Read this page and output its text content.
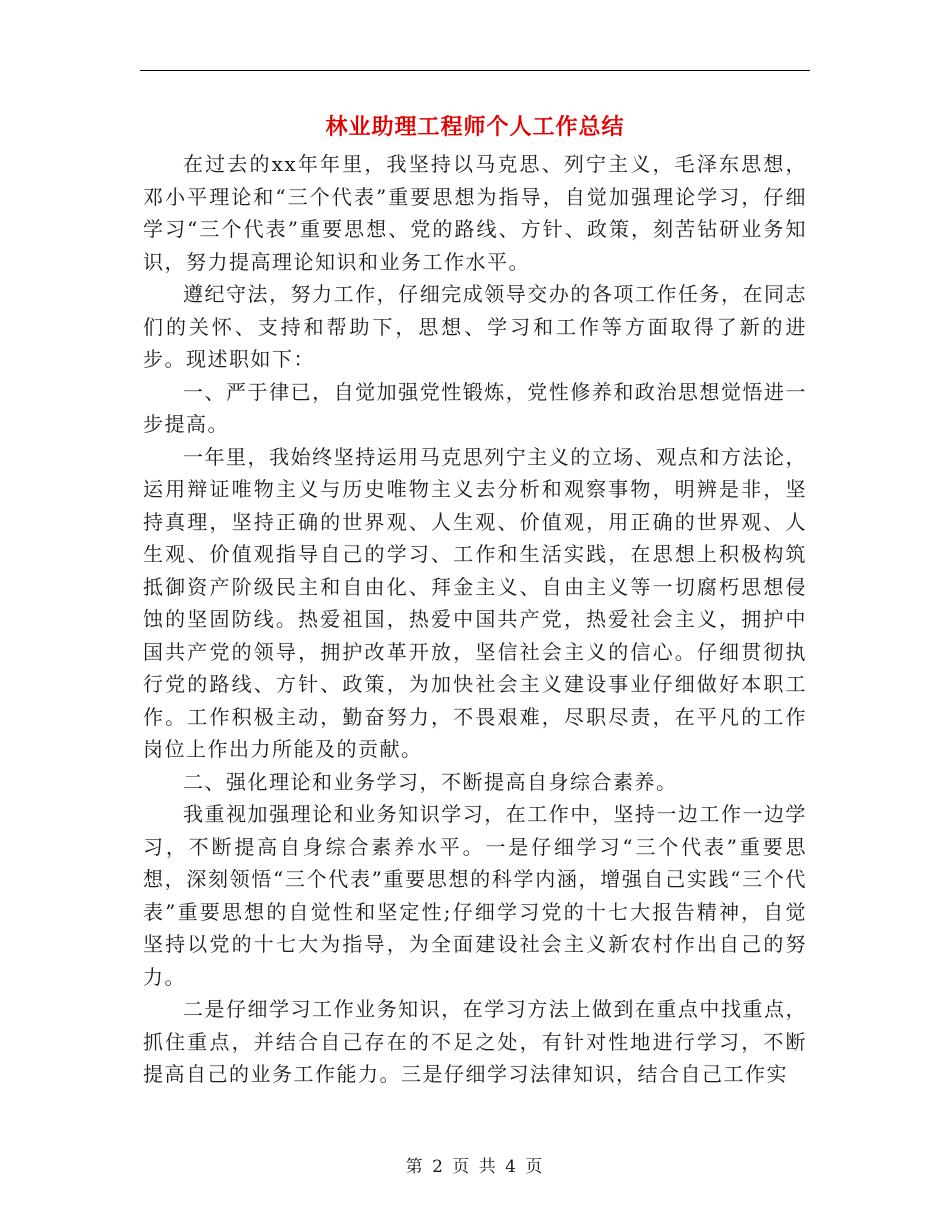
林业助理工程师个人工作总结

在过去的xx年年里，我坚持以马克思、列宁主义，毛泽东思想，邓小平理论和“三个代表”重要思想为指导，自觉加强理论学习，仔细学习“三个代表”重要思想、党的路线、方针、政策，刻苦钻研业务知识，努力提高理论知识和业务工作水平。

遵纪守法，努力工作，仔细完成领导交办的各项工作任务，在同志们的关怀、支持和帮助下，思想、学习和工作等方面取得了新的进步。现述职如下：

一、严于律已，自觉加强党性锻炼，党性修养和政治思想觉悟进一步提高。

一年里，我始终坚持运用马克思列宁主义的立场、观点和方法论，运用辩证唯物主义与历史唯物主义去分析和观察事物，明辨是非，坚持真理，坚持正确的世界观、人生观、价值观，用正确的世界观、人生观、价值观指导自己的学习、工作和生活实践，在思想上积极构筑抵御资产阶级民主和自由化、拜金主义、自由主义等一切腐朽思想侵蚀的坚固防线。热爱祖国，热爱中国共产党，热爱社会主义，拥护中国共产党的领导，拥护改革开放，坚信社会主义的信心。仔细贯彻执行党的路线、方针、政策，为加快社会主义建设事业仔细做好本职工作。工作积极主动，勤奋努力，不畏艰难，尽职尽责，在平凡的工作岗位上作出力所能及的贡献。

二、强化理论和业务学习，不断提高自身综合素养。

我重视加强理论和业务知识学习，在工作中，坚持一边工作一边学习，不断提高自身综合素养水平。一是仔细学习“三个代表”重要思想，深刻领悟“三个代表”重要思想的科学内涵，增强自己实践“三个代表”重要思想的自觉性和坚定性;仔细学习党的十七大报告精神，自觉坚持以党的十七大为指导，为全面建设社会主义新农村作出自己的努力。

二是仔细学习工作业务知识，在学习方法上做到在重点中找重点，抓住重点，并结合自己存在的不足之处，有针对性地进行学习，不断提高自己的业务工作能力。三是仔细学习法律知识，结合自己工作实

第 2 页 共 4 页
